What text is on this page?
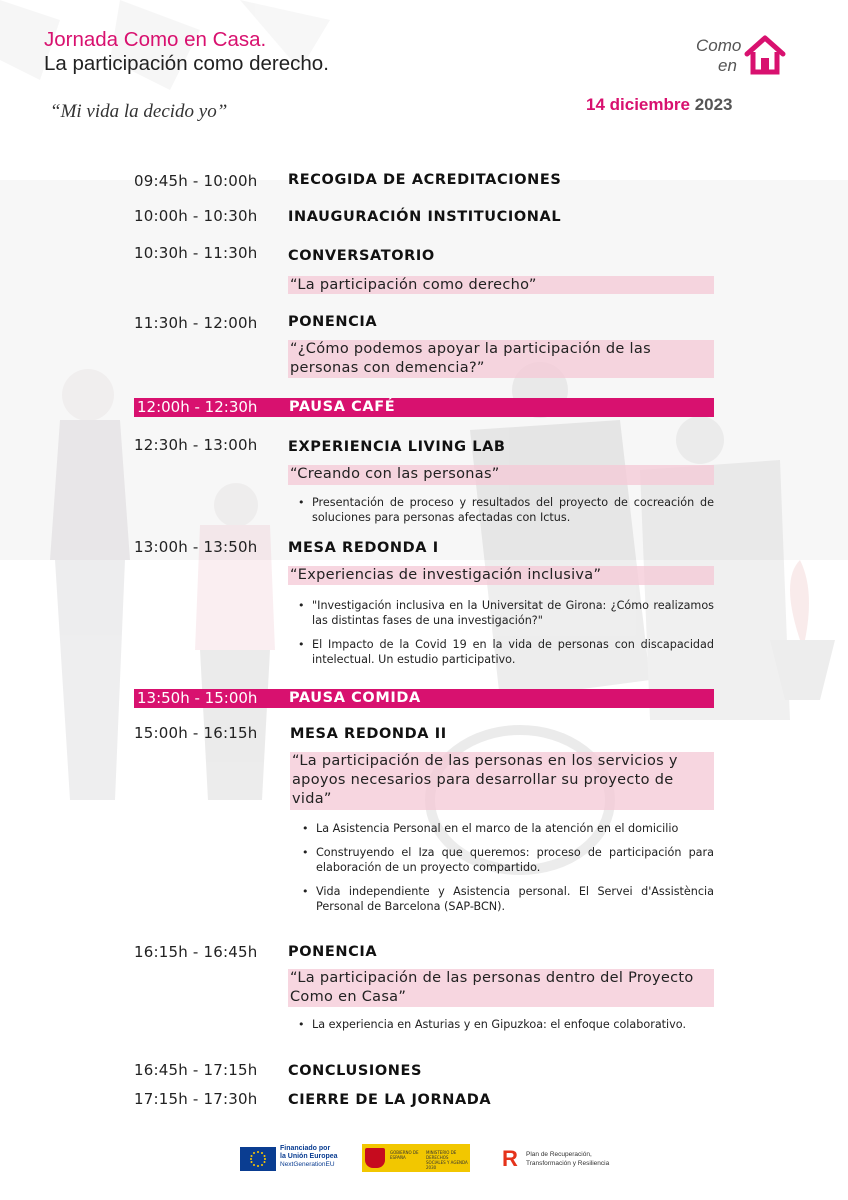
Jornada Como en Casa.
La participación como derecho.
“Mi vida la decido yo”
Como
en
14 diciembre 2023
09:45h - 10:00h RECOGIDA DE ACREDITACIONES
10:00h - 10:30h INAUGURACIÓN INSTITUCIONAL
10:30h - 11:30h CONVERSATORIO
“La participación como derecho”
11:30h - 12:00h PONENCIA
“¿Cómo podemos apoyar la participación de las personas con demencia?”
12:00h - 12:30h PAUSA CAFÉ
12:30h - 13:00h EXPERIENCIA LIVING LAB
“Creando con las personas”
• Presentación de proceso y resultados del proyecto de cocreación de soluciones para personas afectadas con Ictus.
13:00h - 13:50h MESA REDONDA I
“Experiencias de investigación inclusiva”
• "Investigación inclusiva en la Universitat de Girona: ¿Cómo realizamos las distintas fases de una investigación?"
• El Impacto de la Covid 19 en la vida de personas con discapacidad intelectual. Un estudio participativo.
13:50h - 15:00h PAUSA COMIDA
15:00h - 16:15h MESA REDONDA II
“La participación de las personas en los servicios y apoyos necesarios para desarrollar su proyecto de vida”
• La Asistencia Personal en el marco de la atención en el domicilio
• Construyendo el Iza que queremos: proceso de participación para elaboración de un proyecto compartido.
• Vida independiente y Asistencia personal. El Servei d'Assistència Personal de Barcelona (SAP-BCN).
16:15h - 16:45h PONENCIA
“La participación de las personas dentro del Proyecto Como en Casa”
• La experiencia en Asturias y en Gipuzkoa: el enfoque colaborativo.
16:45h - 17:15h CONCLUSIONES
17:15h - 17:30h CIERRE DE LA JORNADA
Financiado por
la Unión Europea
NextGenerationEU
GOBIERNO DE ESPAÑA
MINISTERIO DE DERECHOS SOCIALES Y AGENDA 2030	R Plan de Recuperación,
Transformación y Resiliencia
